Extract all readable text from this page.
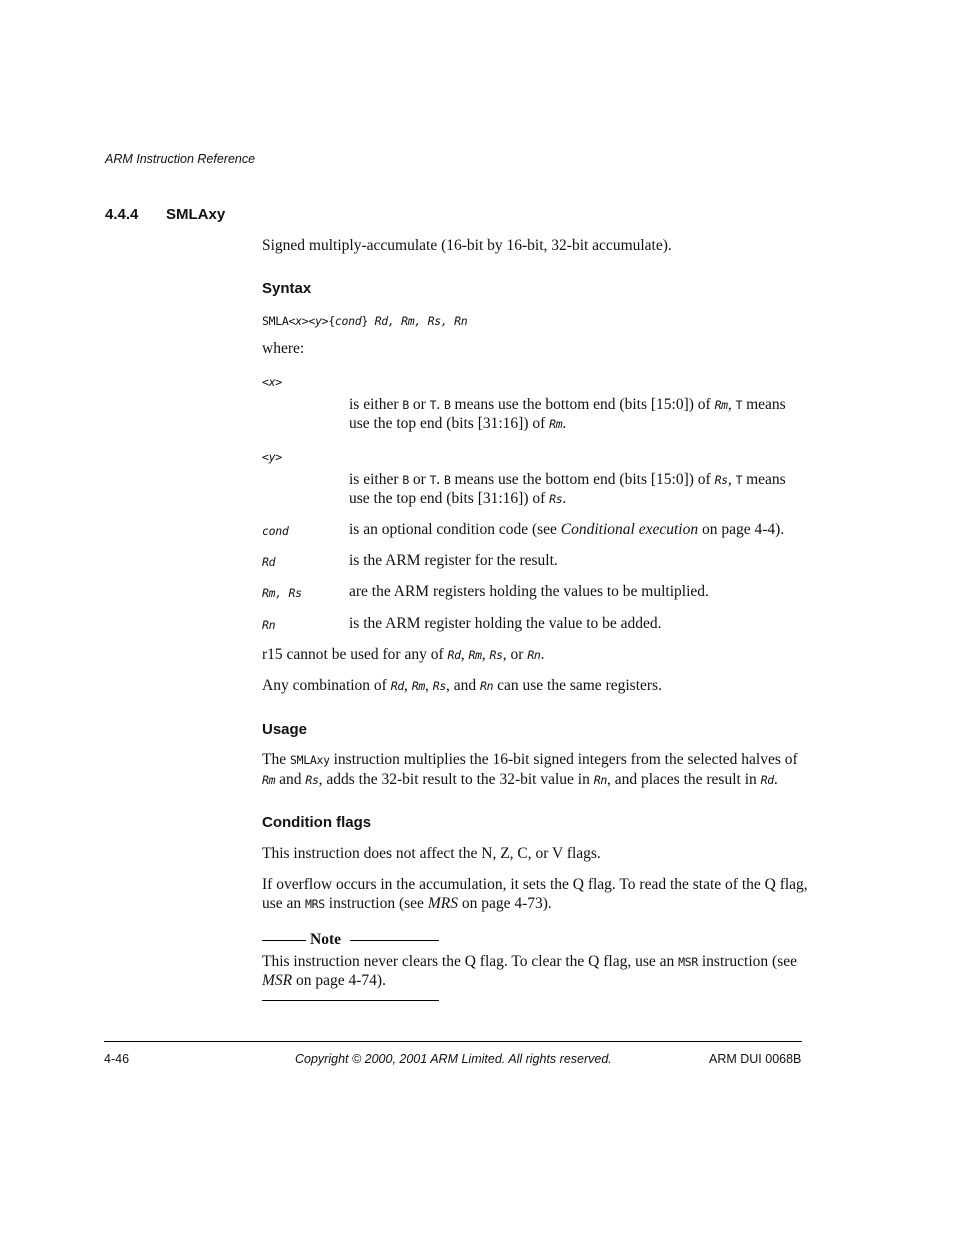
ARM Instruction Reference
4.4.4 SMLAxy
Signed multiply-accumulate (16-bit by 16-bit, 32-bit accumulate).
Syntax
SMLA<x><y>{cond} Rd, Rm, Rs, Rn
where:
<x>
is either B or T. B means use the bottom end (bits [15:0]) of Rm, T means
use the top end (bits [31:16]) of Rm.
<y>
is either B or T. B means use the bottom end (bits [15:0]) of Rs, T means
use the top end (bits [31:16]) of Rs.
cond	is an optional condition code (see Conditional execution on page 4-4).
Rd	is the ARM register for the result.
Rm, Rs	are the ARM registers holding the values to be multiplied.
Rn	is the ARM register holding the value to be added.
r15 cannot be used for any of Rd, Rm, Rs, or Rn.
Any combination of Rd, Rm, Rs, and Rn can use the same registers.
Usage
The SMLAxy instruction multiplies the 16-bit signed integers from the selected halves of
Rm and Rs, adds the 32-bit result to the 32-bit value in Rn, and places the result in Rd.
Condition flags
This instruction does not affect the N, Z, C, or V flags.
If overflow occurs in the accumulation, it sets the Q flag. To read the state of the Q flag,
use an MRS instruction (see MRS on page 4-73).
Note
This instruction never clears the Q flag. To clear the Q flag, use an MSR instruction (see
MSR on page 4-74).
4-46	Copyright © 2000, 2001 ARM Limited. All rights reserved.	ARM DUI 0068B
